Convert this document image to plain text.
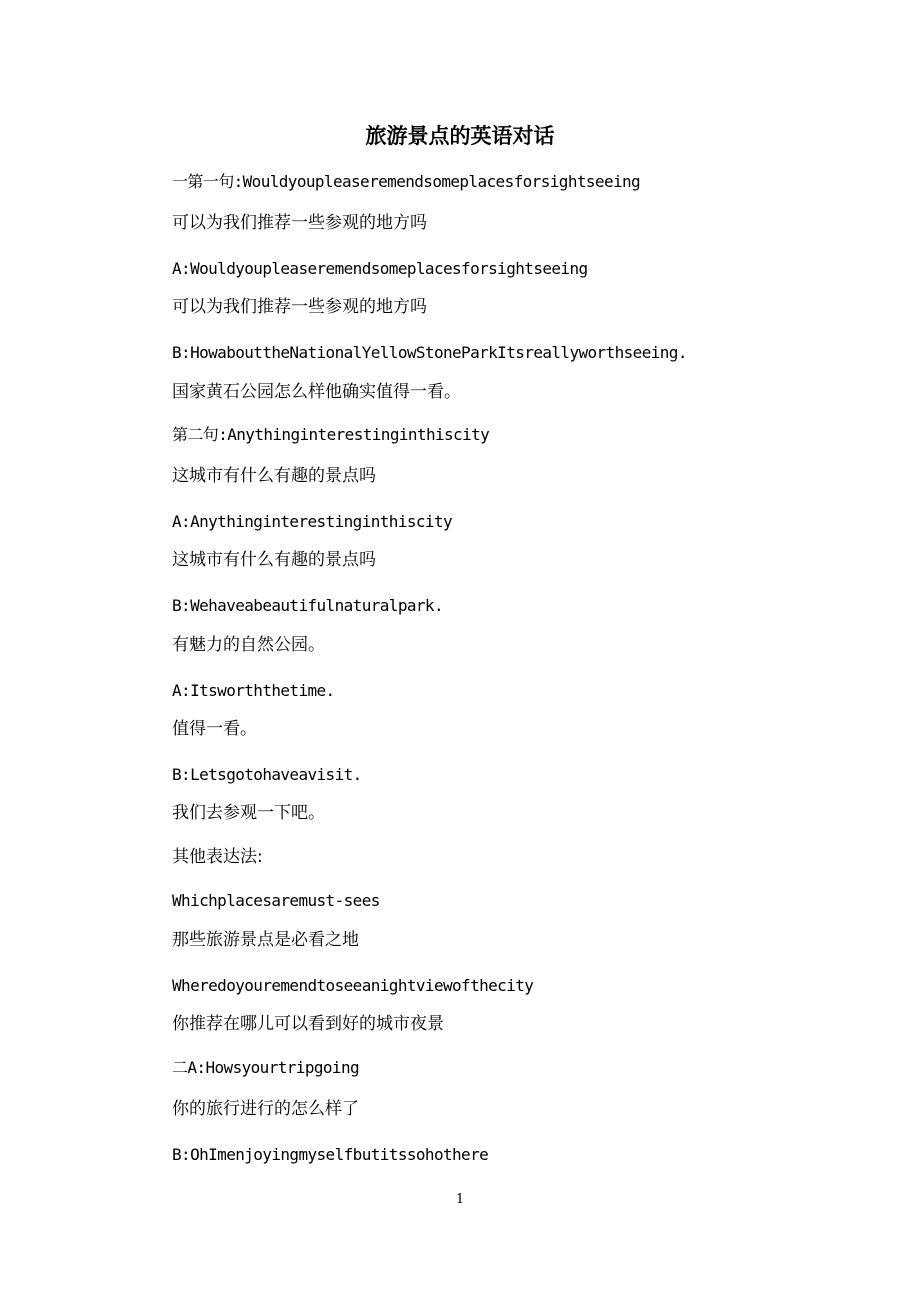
旅游景点的英语对话
一第一句:Wouldyoupleaseremendsomeplacesforsightseeing
可以为我们推荐一些参观的地方吗
A:Wouldyoupleaseremendsomeplacesforsightseeing
可以为我们推荐一些参观的地方吗
B:HowabouttheNationalYellowStoneParkItsreallyworthseeing.
国家黄石公园怎么样他确实值得一看。
第二句:Anythinginterestinginthiscity
这城市有什么有趣的景点吗
A:Anythinginterestinginthiscity
这城市有什么有趣的景点吗
B:Wehaveabeautifulnaturalpark.
有魅力的自然公园。
A:Itsworththetime.
值得一看。
B:Letsgotohaveavisit.
我们去参观一下吧。
其他表达法:
Whichplacesaremust-sees
那些旅游景点是必看之地
Wheredoyouremendtoseeanightviewofthecity
你推荐在哪儿可以看到好的城市夜景
二A:Howsyourtripgoing
你的旅行进行的怎么样了
B:OhImenjoyingmyselfbutitssohothere
1
